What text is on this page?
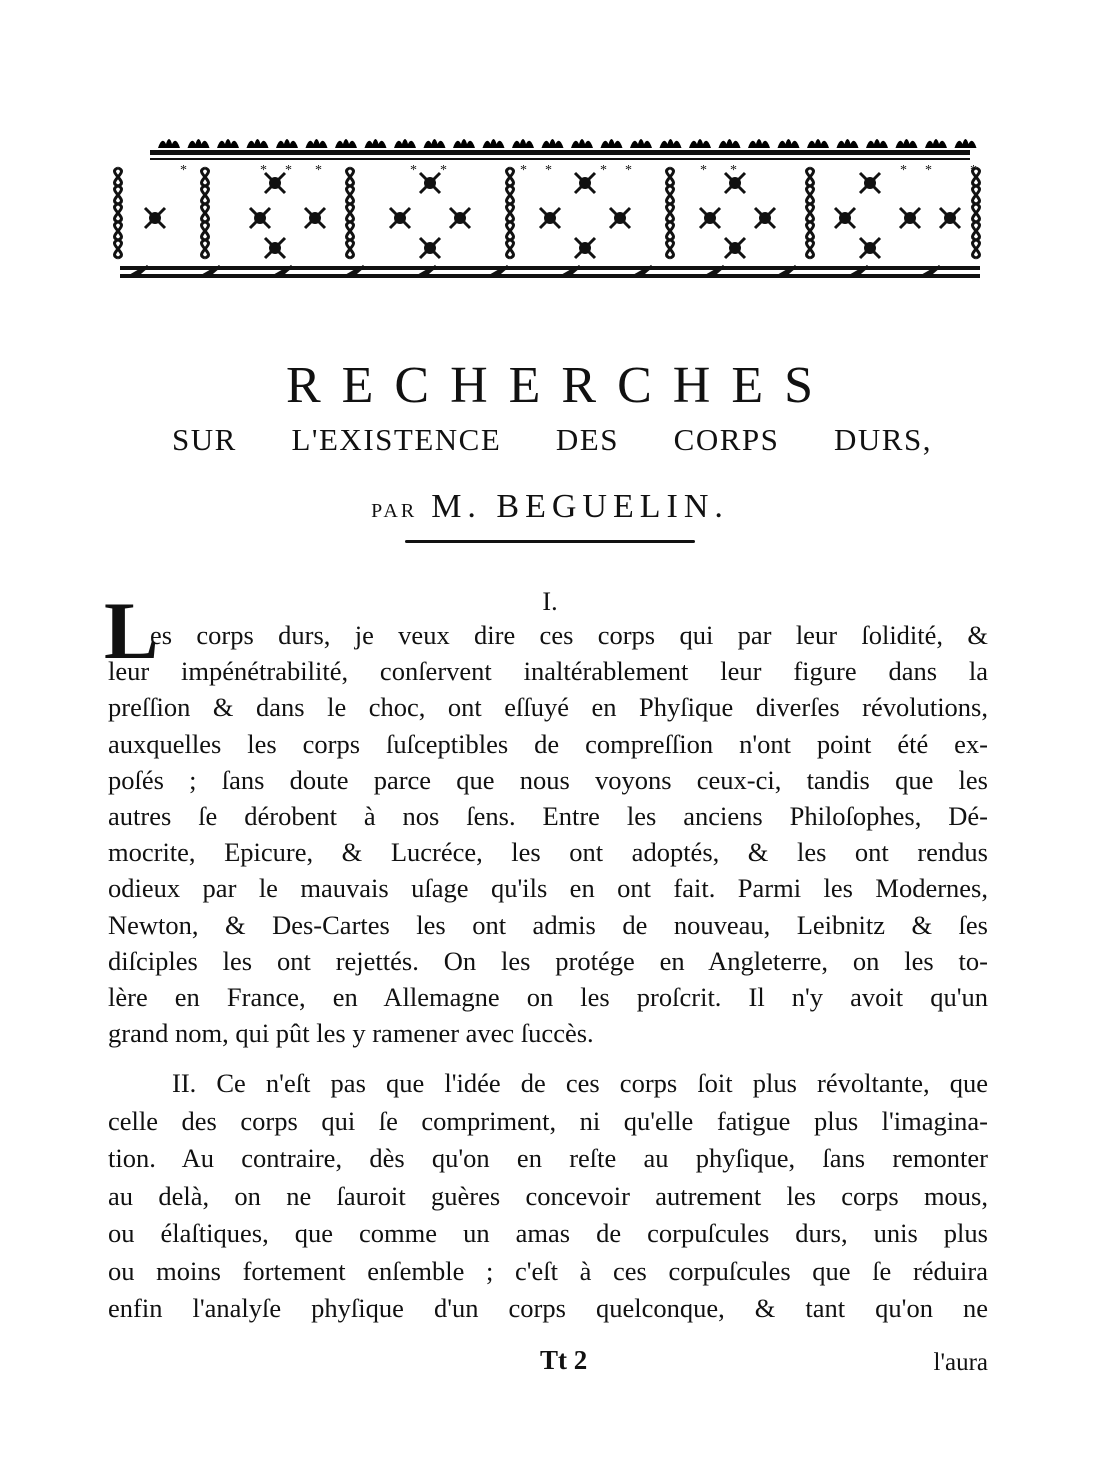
*	* * *	* *	* *	* *	* *	* *	*
RECHERCHES
SUR L'EXISTENCE DES CORPS DURS,
PAR M. BEGUELIN.
I.
L
es corps durs, je veux dire ces corps qui par leur ſolidité, &
leur impénétrabilité, conſervent inaltérablement leur figure dans la
preſſion & dans le choc, ont eſſuyé en Phyſique diverſes révolutions,
auxquelles les corps ſuſceptibles de compreſſion n'ont point été ex-
poſés ; ſans doute parce que nous voyons ceux-ci, tandis que les
autres ſe dérobent à nos ſens. Entre les anciens Philoſophes, Dé-
mocrite, Epicure, & Lucréce, les ont adoptés, & les ont rendus
odieux par le mauvais uſage qu'ils en ont fait. Parmi les Modernes,
Newton, & Des-Cartes les ont admis de nouveau, Leibnitz & ſes
diſciples les ont rejettés. On les protége en Angleterre, on les to-
lère en France, en Allemagne on les proſcrit. Il n'y avoit qu'un
grand nom, qui pût les y ramener avec ſuccès.
II. Ce n'eſt pas que l'idée de ces corps ſoit plus révoltante, que
celle des corps qui ſe compriment, ni qu'elle fatigue plus l'imagina-
tion. Au contraire, dès qu'on en reſte au phyſique, ſans remonter
au delà, on ne ſauroit guères concevoir autrement les corps mous,
ou élaſtiques, que comme un amas de corpuſcules durs, unis plus
ou moins fortement enſemble ; c'eſt à ces corpuſcules que ſe réduira
enfin l'analyſe phyſique d'un corps quelconque, & tant qu'on ne
Tt 2	l'aura
